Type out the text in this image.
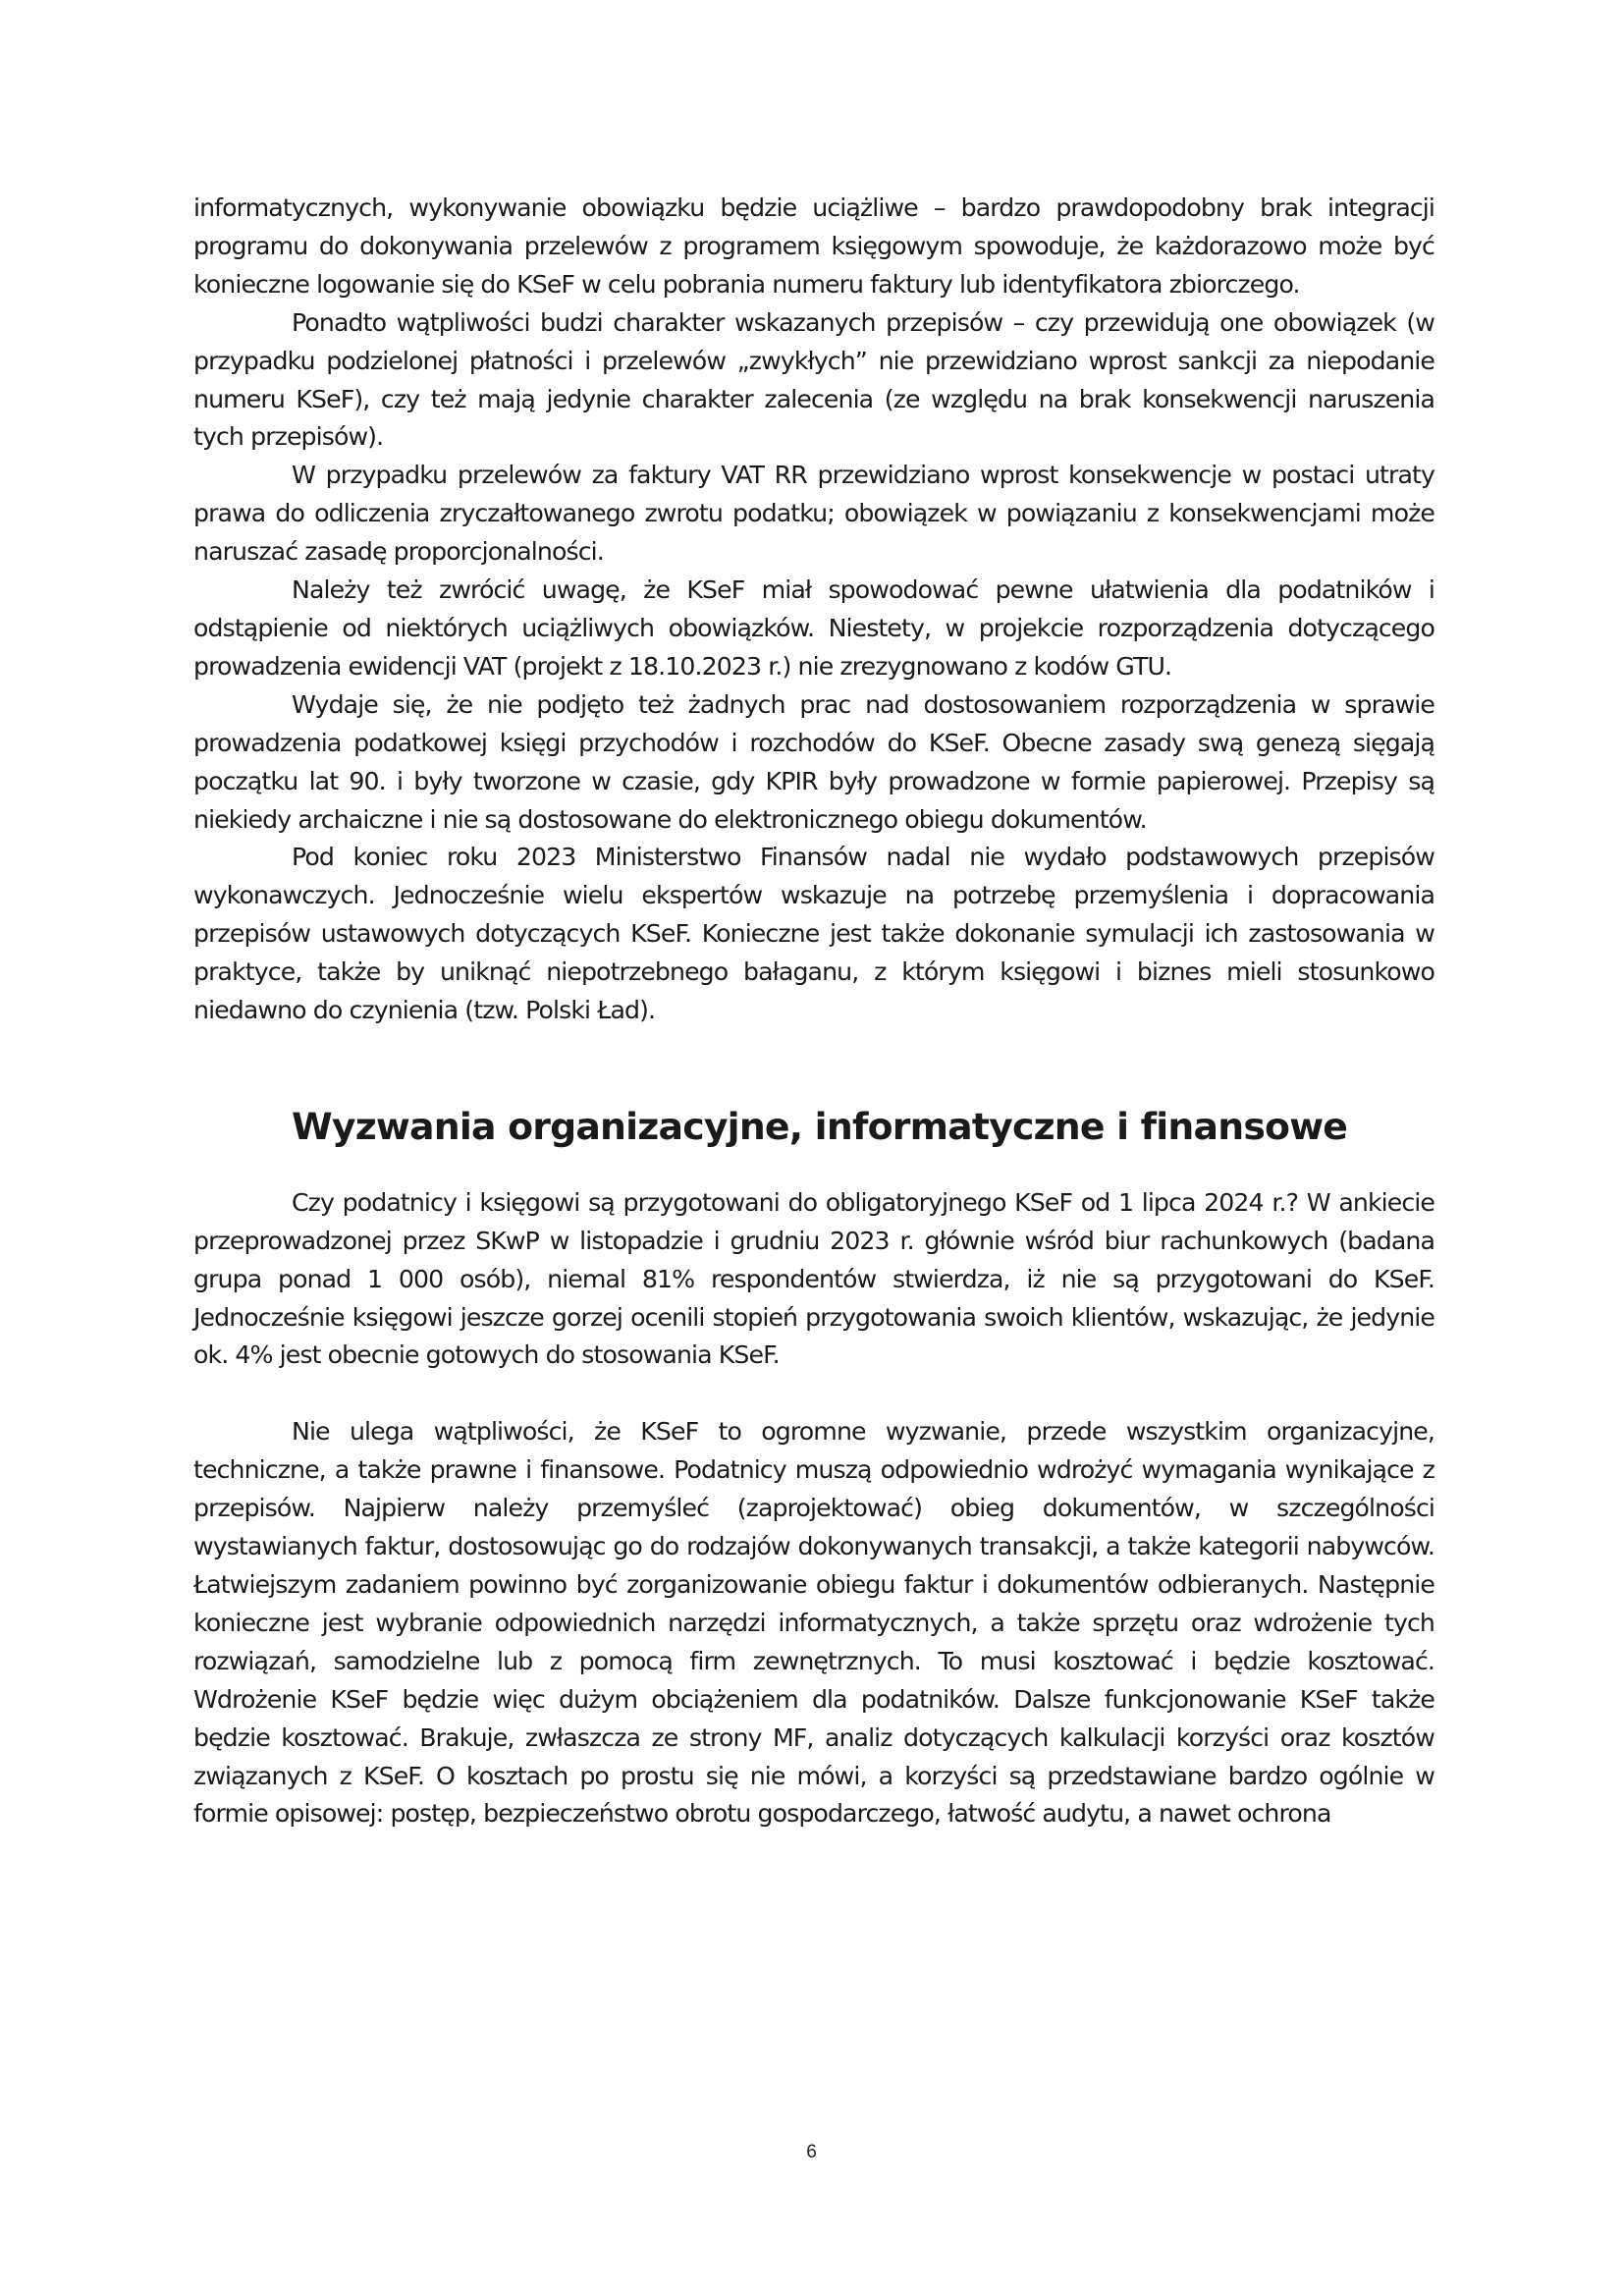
informatycznych, wykonywanie obowiązku będzie uciążliwe – bardzo prawdopodobny brak integracji programu do dokonywania przelewów z programem księgowym spowoduje, że każdorazowo może być konieczne logowanie się do KSeF w celu pobrania numeru faktury lub identyfikatora zbiorczego.

Ponadto wątpliwości budzi charakter wskazanych przepisów – czy przewidują one obowiązek (w przypadku podzielonej płatności i przelewów „zwykłych” nie przewidziano wprost sankcji za niepodanie numeru KSeF), czy też mają jedynie charakter zalecenia (ze względu na brak konsekwencji naruszenia tych przepisów).

W przypadku przelewów za faktury VAT RR przewidziano wprost konsekwencje w postaci utraty prawa do odliczenia zryczałtowanego zwrotu podatku; obowiązek w powiązaniu z konsekwencjami może naruszać zasadę proporcjonalności.

Należy też zwrócić uwagę, że KSeF miał spowodować pewne ułatwienia dla podatników i odstąpienie od niektórych uciążliwych obowiązków. Niestety, w projekcie rozporządzenia dotyczącego prowadzenia ewidencji VAT (projekt z 18.10.2023 r.) nie zrezygnowano z kodów GTU.

Wydaje się, że nie podjęto też żadnych prac nad dostosowaniem rozporządzenia w sprawie prowadzenia podatkowej księgi przychodów i rozchodów do KSeF. Obecne zasady swą genezą sięgają początku lat 90. i były tworzone w czasie, gdy KPIR były prowadzone w formie papierowej. Przepisy są niekiedy archaiczne i nie są dostosowane do elektronicznego obiegu dokumentów.

Pod koniec roku 2023 Ministerstwo Finansów nadal nie wydało podstawowych przepisów wykonawczych. Jednocześnie wielu ekspertów wskazuje na potrzebę przemyślenia i dopracowania przepisów ustawowych dotyczących KSeF. Konieczne jest także dokonanie symulacji ich zastosowania w praktyce, także by uniknąć niepotrzebnego bałaganu, z którym księgowi i biznes mieli stosunkowo niedawno do czynienia (tzw. Polski Ład).

Wyzwania organizacyjne, informatyczne i finansowe

Czy podatnicy i księgowi są przygotowani do obligatoryjnego KSeF od 1 lipca 2024 r.? W ankiecie przeprowadzonej przez SKwP w listopadzie i grudniu 2023 r. głównie wśród biur rachunkowych (badana grupa ponad 1 000 osób), niemal 81% respondentów stwierdza, iż nie są przygotowani do KSeF. Jednocześnie księgowi jeszcze gorzej ocenili stopień przygotowania swoich klientów, wskazując, że jedynie ok. 4% jest obecnie gotowych do stosowania KSeF.

Nie ulega wątpliwości, że KSeF to ogromne wyzwanie, przede wszystkim organizacyjne, techniczne, a także prawne i finansowe. Podatnicy muszą odpowiednio wdrożyć wymagania wynikające z przepisów. Najpierw należy przemyśleć (zaprojektować) obieg dokumentów, w szczególności wystawianych faktur, dostosowując go do rodzajów dokonywanych transakcji, a także kategorii nabywców. Łatwiejszym zadaniem powinno być zorganizowanie obiegu faktur i dokumentów odbieranych. Następnie konieczne jest wybranie odpowiednich narzędzi informatycznych, a także sprzętu oraz wdrożenie tych rozwiązań, samodzielne lub z pomocą firm zewnętrznych. To musi kosztować i będzie kosztować. Wdrożenie KSeF będzie więc dużym obciążeniem dla podatników. Dalsze funkcjonowanie KSeF także będzie kosztować. Brakuje, zwłaszcza ze strony MF, analiz dotyczących kalkulacji korzyści oraz kosztów związanych z KSeF. O kosztach po prostu się nie mówi, a korzyści są przedstawiane bardzo ogólnie w formie opisowej: postęp, bezpieczeństwo obrotu gospodarczego, łatwość audytu, a nawet ochrona

6
